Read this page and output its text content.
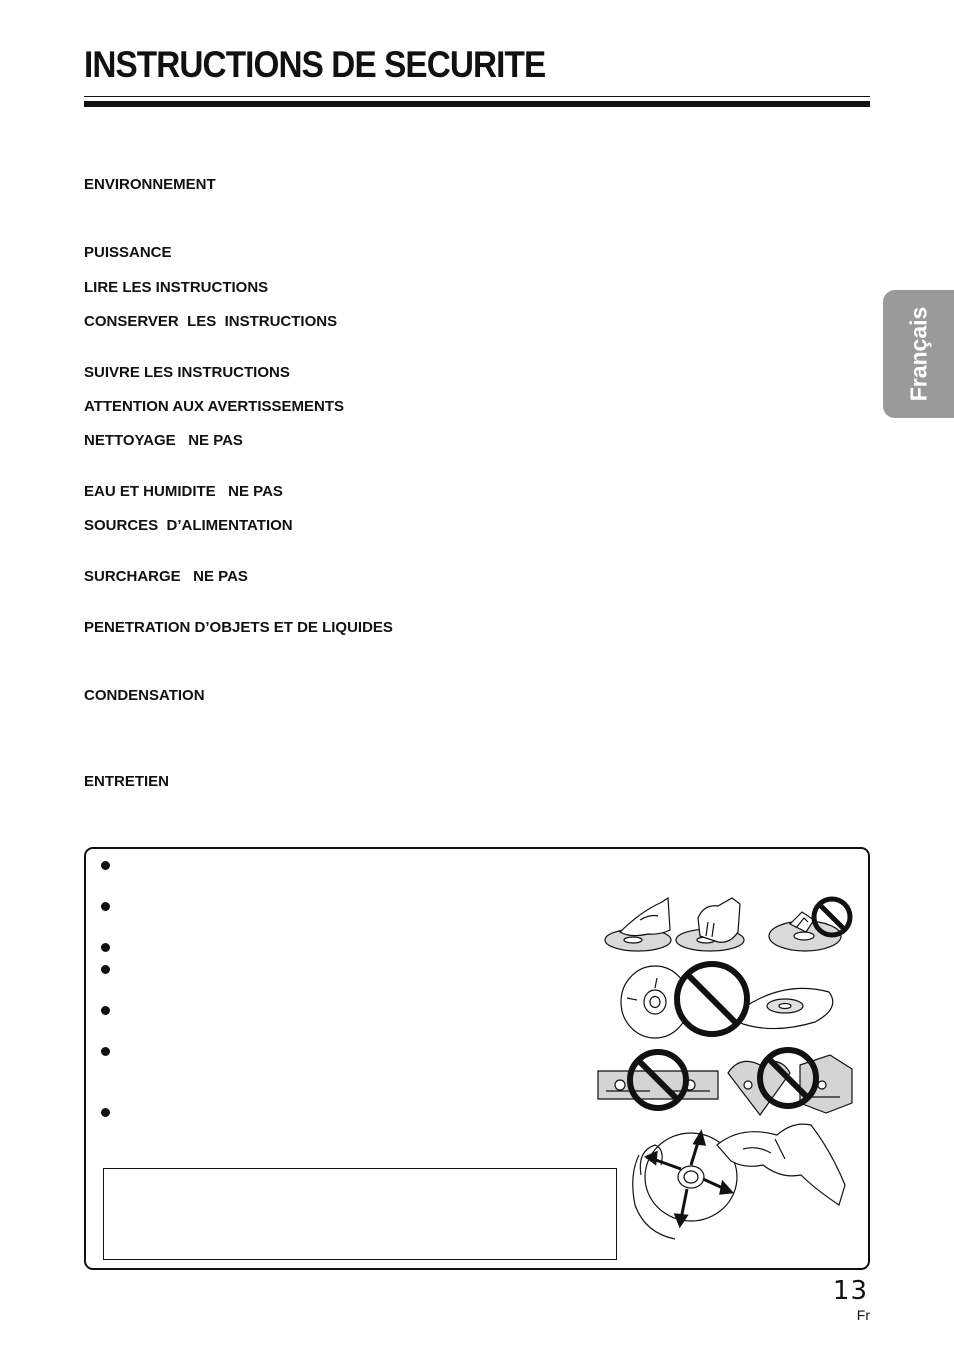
INSTRUCTIONS DE SECURITE
ENVIRONNEMENT
PUISSANCE
LIRE LES INSTRUCTIONS
CONSERVER  LES  INSTRUCTIONS
SUIVRE LES INSTRUCTIONS
ATTENTION AUX AVERTISSEMENTS
NETTOYAGE   NE PAS
EAU ET HUMIDITE   NE PAS
SOURCES  D’ALIMENTATION
SURCHARGE   NE PAS
PENETRATION D’OBJETS ET DE LIQUIDES
CONDENSATION
ENTRETIEN
Français
13
Fr
